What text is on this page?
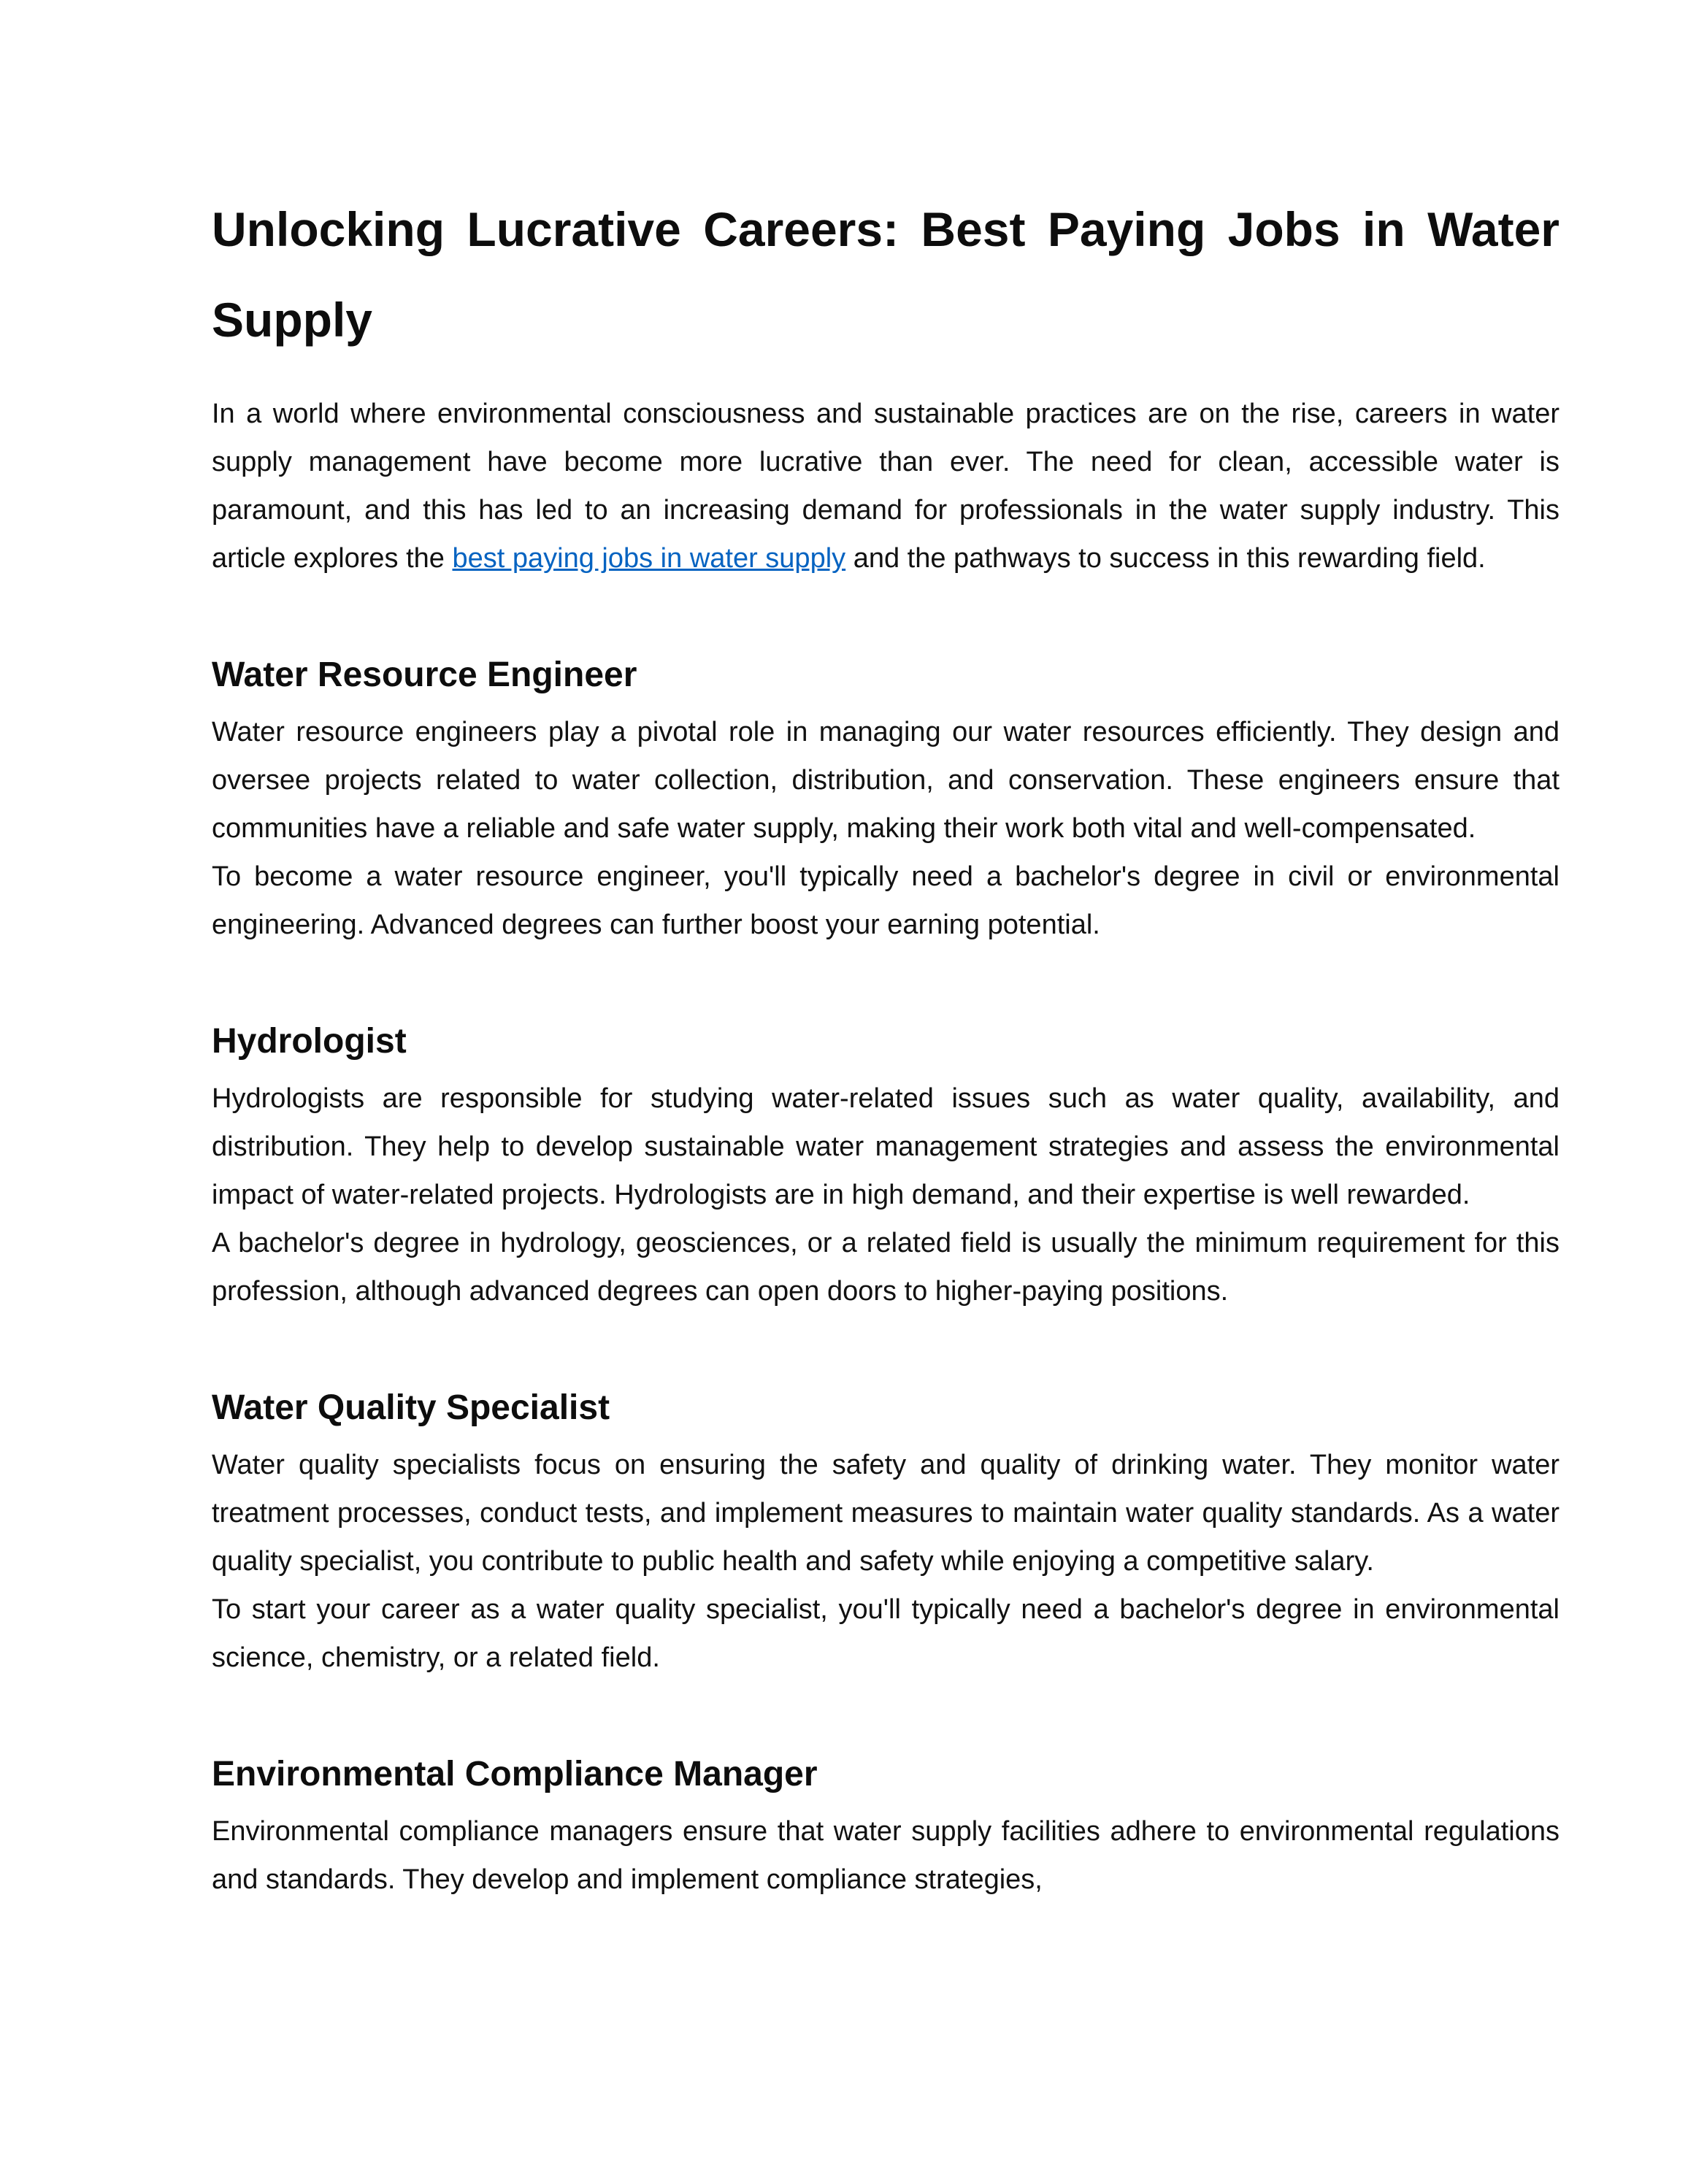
Unlocking Lucrative Careers: Best Paying Jobs in Water Supply

In a world where environmental consciousness and sustainable practices are on the rise, careers in water supply management have become more lucrative than ever. The need for clean, accessible water is paramount, and this has led to an increasing demand for professionals in the water supply industry. This article explores the best paying jobs in water supply and the pathways to success in this rewarding field.

Water Resource Engineer

Water resource engineers play a pivotal role in managing our water resources efficiently. They design and oversee projects related to water collection, distribution, and conservation. These engineers ensure that communities have a reliable and safe water supply, making their work both vital and well-compensated.

To become a water resource engineer, you'll typically need a bachelor's degree in civil or environmental engineering. Advanced degrees can further boost your earning potential.

Hydrologist

Hydrologists are responsible for studying water-related issues such as water quality, availability, and distribution. They help to develop sustainable water management strategies and assess the environmental impact of water-related projects. Hydrologists are in high demand, and their expertise is well rewarded.

A bachelor's degree in hydrology, geosciences, or a related field is usually the minimum requirement for this profession, although advanced degrees can open doors to higher-paying positions.

Water Quality Specialist

Water quality specialists focus on ensuring the safety and quality of drinking water. They monitor water treatment processes, conduct tests, and implement measures to maintain water quality standards. As a water quality specialist, you contribute to public health and safety while enjoying a competitive salary.

To start your career as a water quality specialist, you'll typically need a bachelor's degree in environmental science, chemistry, or a related field.

Environmental Compliance Manager

Environmental compliance managers ensure that water supply facilities adhere to environmental regulations and standards. They develop and implement compliance strategies,
